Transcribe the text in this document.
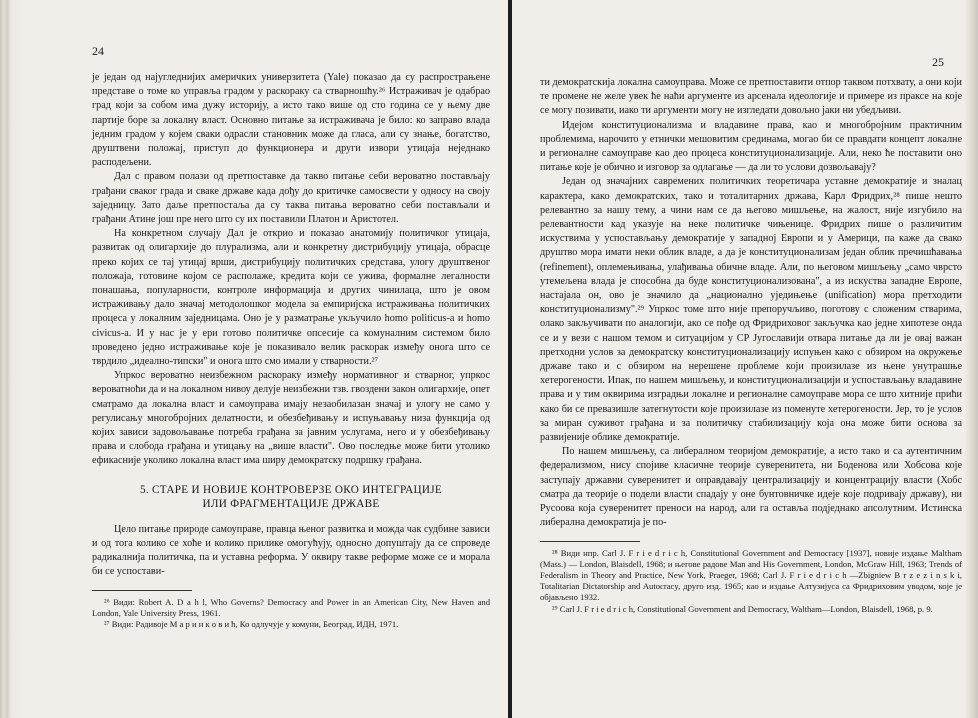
24

је један од најугледнијих америчких универзитета (Yale) показао да су распрострањене представе о томе ко управља градом у раскораку са стварношћу.²⁶ Истраживач је одабрао град који за собом има дужу историју, а исто тако више од сто година се у њему две партије боре за локалну власт. Основно питање за истраживача је било: ко заправо влада једним градом у којем сваки одрасли становник може да гласа, али су знање, богатство, друштвени положај, приступ до функционера и други извори утицаја неједнако расподељени.

Дал с правом полази од претпоставке да такво питање себи вероватно постављају грађани сваког града и сваке државе када дођу до критичке самосвести у односу на своју заједницу. Зато даље претпостаља да су таква питања вероватно себи постављали и грађани Атине још пре него што су их поставили Платон и Аристотел.

На конкретном случају Дал је открио и показао анатомију политичког утицаја, развитак од олигархије до плурализма, али и конкретну дистрибуцију утицаја, обрасце преко којих се тај утицај врши, дистрибуцију политичких средстава, улогу друштвеног положаја, готовине којом се располаже, кредита који се ужива, формалне легалности понашања, популарности, контроле информација и других чинилаца, што је овом истраживању дало значај методолошког модела за емпиријска истраживања политичких процеса у локалним заједницама. Оно је у разматрање укључило homo politicus-а и homo civicus-а. И у нас је у ери готово политичке опсесије са комуналним системом било проведено једно истраживање које је показивало велик раскорак између онога што се тврдило „идеално-типски" и онога што смо имали у стварности.²⁷

Упркос вероватно неизбежном раскораку између нормативног и стварног, упркос вероватноћи да и на локалном нивоу делује неизбежни тзв. гвоздени закон олигархије, опет сматрамо да локална власт и самоуправа имају незаобилазан значај и улогу не само у регулисању многобројних делатности, и обезбеђивању и испуњавању низа функција од којих зависи задовољавање потреба грађана за јавним услугама, него и у обезбеђивању права и слобода грађана и утицању на „више власти". Ово последње може бити утолико ефикасније уколико локална власт има ширу демократску подршку грађана.

5. СТАРЕ И НОВИЈЕ КОНТРОВЕРЗЕ ОКО ИНТЕГРАЦИЈЕ
ИЛИ ФРАГМЕНТАЦИЈЕ ДРЖАВЕ

Цело питање природе самоуправе, правца њеног развитка и можда чак судбине зависи и од тога колико се хоће и колико прилике омогућују, односно допуштају да се спроведе радикалнија политичка, па и уставна реформа. У оквиру такве реформе може се и морала би се успостави-

²⁶ Види: Robert A. D a h l, Who Governs? Democracy and Power in an American City, New Haven and London, Yale University Press, 1961.

²⁷ Види: Радивоје М а р и н к о в и ћ, Ко одлучује у комуни, Београд, ИДН, 1971.

25

ти демократскија локална самоуправа. Може се претпоставити отпор таквом потхвату, а они који те промене не желе увек ће наћи аргументе из арсенала идеологије и примере из праксе на које се могу позивати, иако ти аргументи могу не изгледати довољно јаки ни убедљиви.

Идејом конституционализма и владавине права, као и многобројним практичним проблемима, нарочито у етнички мешовитим срединама, могао би се правдати концепт локалне и регионалне самоуправе као део процеса конституционализације. Али, неко ће поставити оно питање које је обично и изговор за одлагање — да ли то услови дозвољавају?

Један од значајних савремених политичких теоретичара уставне демократије и зналац карактера, како демократских, тако и тоталитарних држава, Карл Фридрих,²⁸ пише нешто релевантно за нашу тему, а чини нам се да његово мишљење, на жалост, није изгубило на релевантности кад указује на неке политичке чињенице. Фридрих пише о различитим искуствима у успостављању демократије у западној Европи и у Америци, па каже да свако друштво мора имати неки облик владе, а да је конституционализам један облик пречишћавања (refinement), оплемењивања, улађивања обичне владе. Али, по његовом мишљењу „само чврсто утемељена влада је способна да буде конституционализована", а из искуства западне Европе, настаjала он, ово је значило да „национално уједињење (unification) мора претходити конституционализму".²⁹ Упркос томе што није препоручљиво, поготову с сложеним стварима, олако закључивати по аналогији, ако се пође од Фридриховог закључка као једне хипотезе онда се и у вези с нашом темом и ситуацијом у СР Југославији отвара питање да ли је овај важан претходни услов за демократску конституционализацију испуњен како с обзиром на окружење државе тако и с обзиром на нерешене проблеме који произилазе из њене унутрашње хетерогености. Ипак, по нашем мишљењу, и конституционализацији и успостављању владавине права и у тим оквирима изградњи локалне и регионалне самоуправе мора се што хитније прићи како би се превазишле затегнутости које произилазе из поменуте хетерогености. Јер, то је услов за миран суживот грађана и за политичку стабилизацију која она може бити основа за развијеније облике демократије.

По нашем мишљењу, са либералном теоријом демократије, а исто тако и са аутентичним федерализмом, нису спојиве класичне теорије суверенитета, ни Боденова или Хобсова које заступају државни суверенитет и оправдавају централизацију и концентрацију власти (Хобс сматра да теорије о подели власти спадају у оне бунтовничке идеје које подривају државу), ни Русоова која суверенитет преноси на народ, али га оставља подједнако апсолутним. Истинска либерална демократија је по-

²⁸ Види нпр. Carl J. F r i e d r i c h, Constitutional Government and Democracy [1937], новије издање Maltham (Mass.) — London, Blaisdell, 1968; и његове радове Man and His Government, London, McGraw Hill, 1963; Trends of Federalism in Theory and Practice, New York, Praeger, 1968; Carl J. F r i e d r i c h —Zbigniew B r z e z i n s k i, Totalitarian Dictatorship and Autocracy, друго изд. 1965; као и издање Алтузијуса са Фридриховим уводом, које је објављено 1932.

²⁹ Carl J. F r i e d r i c h, Constitutional Government and Democracy, Waltham—London, Blaisdell, 1968, p. 9.
